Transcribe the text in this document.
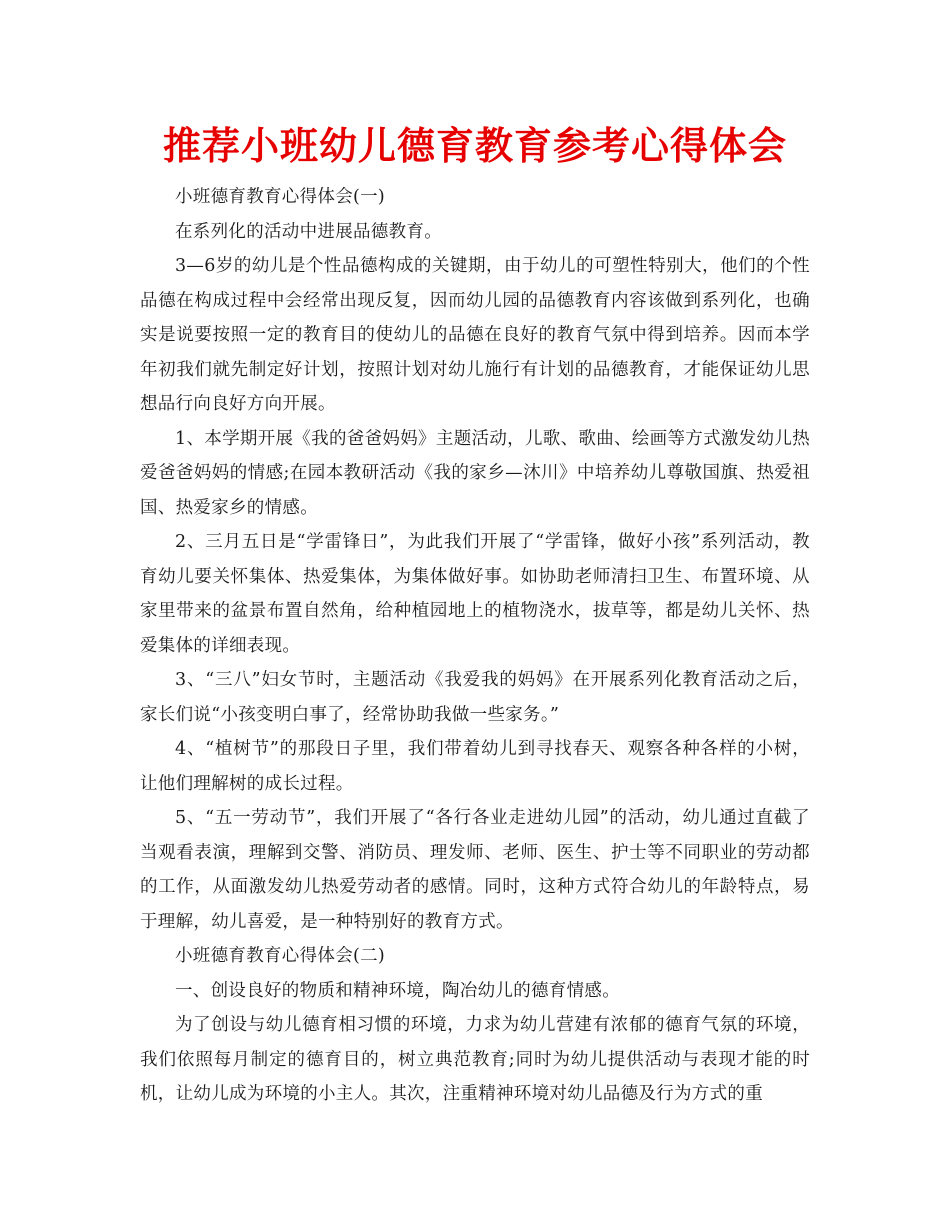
推荐小班幼儿德育教育参考心得体会

小班德育教育心得体会(一)

在系列化的活动中进展品德教育。

3—6岁的幼儿是个性品德构成的关键期，由于幼儿的可塑性特别大，他们的个性品德在构成过程中会经常出现反复，因而幼儿园的品德教育内容该做到系列化，也确实是说要按照一定的教育目的使幼儿的品德在良好的教育气氛中得到培养。因而本学年初我们就先制定好计划，按照计划对幼儿施行有计划的品德教育，才能保证幼儿思想品行向良好方向开展。

1、本学期开展《我的爸爸妈妈》主题活动，儿歌、歌曲、绘画等方式激发幼儿热爱爸爸妈妈的情感;在园本教研活动《我的家乡—沐川》中培养幼儿尊敬国旗、热爱祖国、热爱家乡的情感。

2、三月五日是“学雷锋日”，为此我们开展了“学雷锋，做好小孩”系列活动，教育幼儿要关怀集体、热爱集体，为集体做好事。如协助老师清扫卫生、布置环境、从家里带来的盆景布置自然角，给种植园地上的植物浇水，拔草等，都是幼儿关怀、热爱集体的详细表现。

3、“三八”妇女节时，主题活动《我爱我的妈妈》在开展系列化教育活动之后，家长们说“小孩变明白事了，经常协助我做一些家务。”

4、“植树节”的那段日子里，我们带着幼儿到寻找春天、观察各种各样的小树，让他们理解树的成长过程。

5、“五一劳动节”，我们开展了“各行各业走进幼儿园”的活动，幼儿通过直截了当观看表演，理解到交警、消防员、理发师、老师、医生、护士等不同职业的劳动都的工作，从面激发幼儿热爱劳动者的感情。同时，这种方式符合幼儿的年龄特点，易于理解，幼儿喜爱，是一种特别好的教育方式。

小班德育教育心得体会(二)

一、创设良好的物质和精神环境，陶冶幼儿的德育情感。

为了创设与幼儿德育相习惯的环境，力求为幼儿营建有浓郁的德育气氛的环境，我们依照每月制定的德育目的，树立典范教育;同时为幼儿提供活动与表现才能的时机，让幼儿成为环境的小主人。其次，注重精神环境对幼儿品德及行为方式的重
